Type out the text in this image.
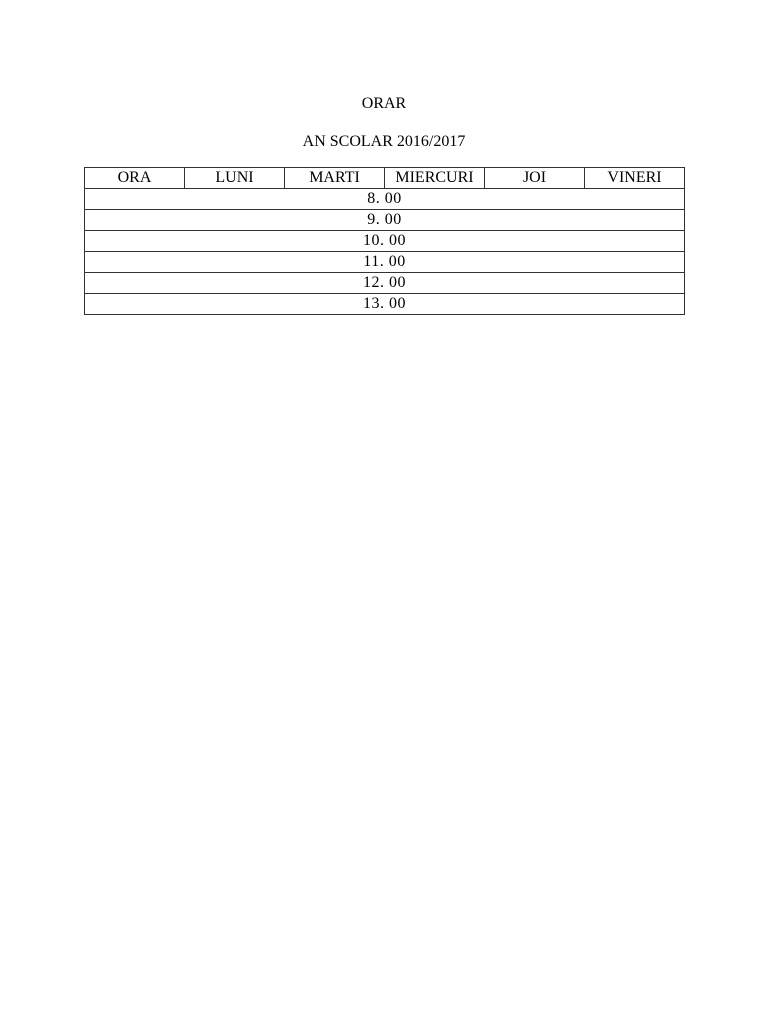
ORAR
AN SCOLAR 2016/2017
ORA	LUNI	MARTI	MIERCURI	JOI	VINERI
8. 00
9. 00
10. 00
11. 00
12. 00
13. 00
